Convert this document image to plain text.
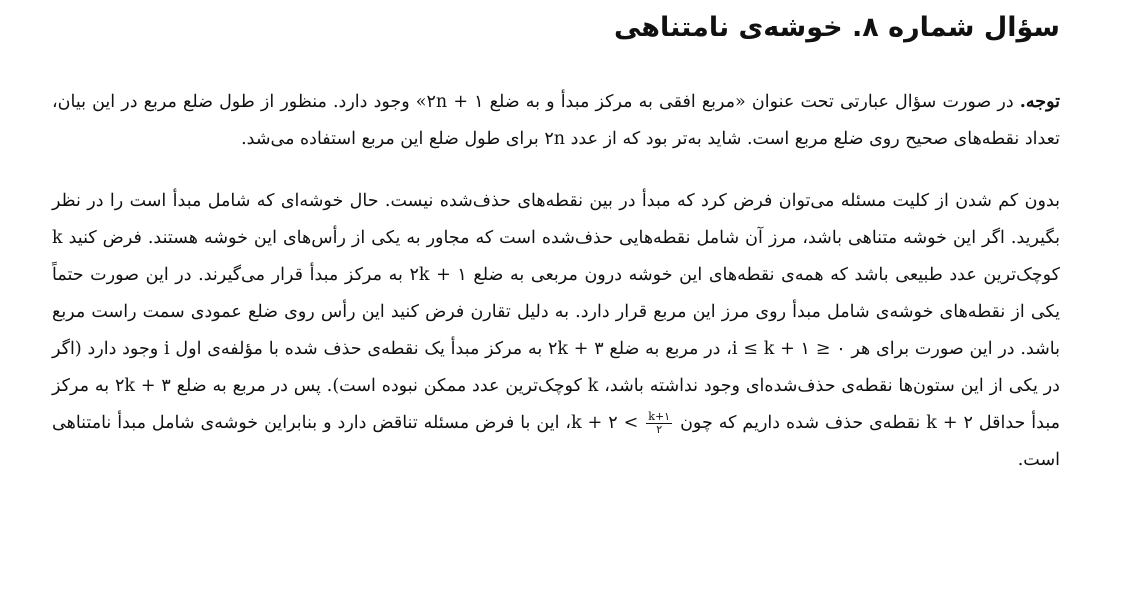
سؤال شماره ۸. خوشه‌ی نامتناهی

توجه. در صورت سؤال عبارتی تحت عنوان «مربع افقی به مرکز مبدأ و به ضلع ۱ + ۲n» وجود دارد. منظور از طول ضلع مربع در این بیان، تعداد نقطه‌های صحیح روی ضلع مربع است. شاید به‌تر بود که از عدد ۲n برای طول ضلع این مربع استفاده می‌شد.

بدون کم شدن از کلیت مسئله می‌توان فرض کرد که مبدأ در بین نقطه‌های حذف‌شده نیست. حال خوشه‌ای که شامل مبدأ است را در نظر بگیرید. اگر این خوشه متناهی باشد، مرز آن شامل نقطه‌هایی حذف‌شده است که مجاور به یکی از رأس‌های این خوشه هستند. فرض کنید k کوچک‌ترین عدد طبیعی باشد که همه‌ی نقطه‌های این خوشه درون مربعی به ضلع ۱ + ۲k به مرکز مبدأ قرار می‌گیرند. در این صورت حتماً یکی از نقطه‌های خوشه‌ی شامل مبدأ روی مرز این مربع قرار دارد. به دلیل تقارن فرض کنید این رأس روی ضلع عمودی سمت راست مربع باشد. در این صورت برای هر ۰ ≤ i ≤ k + ۱، در مربع به ضلع ۳ + ۲k به مرکز مبدأ یک نقطه‌ی حذف شده با مؤلفه‌ی اول i وجود دارد (اگر در یکی از این ستون‌ها نقطه‌ی حذف‌شده‌ای وجود نداشته باشد، k کوچک‌ترین عدد ممکن نبوده است). پس در مربع به ضلع ۳ + ۲k به مرکز مبدأ حداقل ۲ + k نقطه‌ی حذف شده داریم که چون
$\frac{k+۱}{۲}$
> ۲ + k، این با فرض مسئله تناقض دارد و بنابراین خوشه‌ی شامل مبدأ نامتناهی است.
